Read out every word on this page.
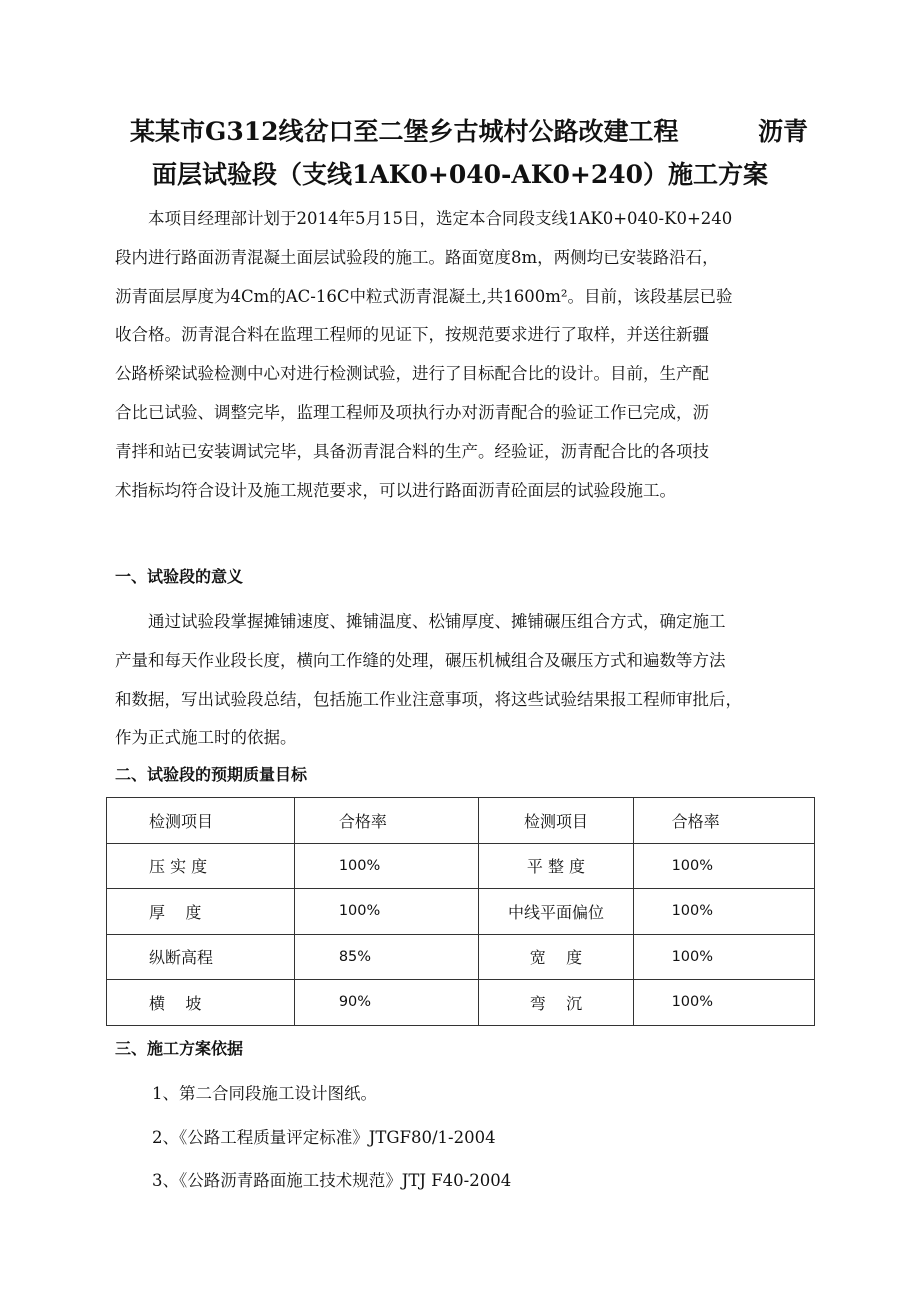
某某市G312线岔口至二堡乡古城村公路改建工程	沥青
面层试验段（支线1AK0+040-AK0+240）施工方案
本项目经理部计划于2014年5月15日，选定本合同段支线1AK0+040-K0+240
段内进行路面沥青混凝土面层试验段的施工。路面宽度8m，两侧均已安装路沿石，
沥青面层厚度为4Cm的AC-16C中粒式沥青混凝土,共1600m²。目前，该段基层已验
收合格。沥青混合料在监理工程师的见证下，按规范要求进行了取样，并送往新疆
公路桥梁试验检测中心对进行检测试验，进行了目标配合比的设计。目前，生产配
合比已试验、调整完毕，监理工程师及项执行办对沥青配合的验证工作已完成，沥
青拌和站已安装调试完毕，具备沥青混合料的生产。经验证，沥青配合比的各项技
术指标均符合设计及施工规范要求，可以进行路面沥青砼面层的试验段施工。
一、试验段的意义
通过试验段掌握摊铺速度、摊铺温度、松铺厚度、摊铺碾压组合方式，确定施工
产量和每天作业段长度，横向工作缝的处理，碾压机械组合及碾压方式和遍数等方法
和数据，写出试验段总结，包括施工作业注意事项，将这些试验结果报工程师审批后，
作为正式施工时的依据。
二、试验段的预期质量目标
检测项目	合格率	检测项目	合格率
压 实 度	100%	平 整 度	100%
厚    度	100%	中线平面偏位	100%
纵断高程	85%	宽    度	100%
横    坡	90%	弯    沉	100%
三、施工方案依据
1、第二合同段施工设计图纸。
2、《公路工程质量评定标准》JTGF80/1-2004
3、《公路沥青路面施工技术规范》JTJ F40-2004
